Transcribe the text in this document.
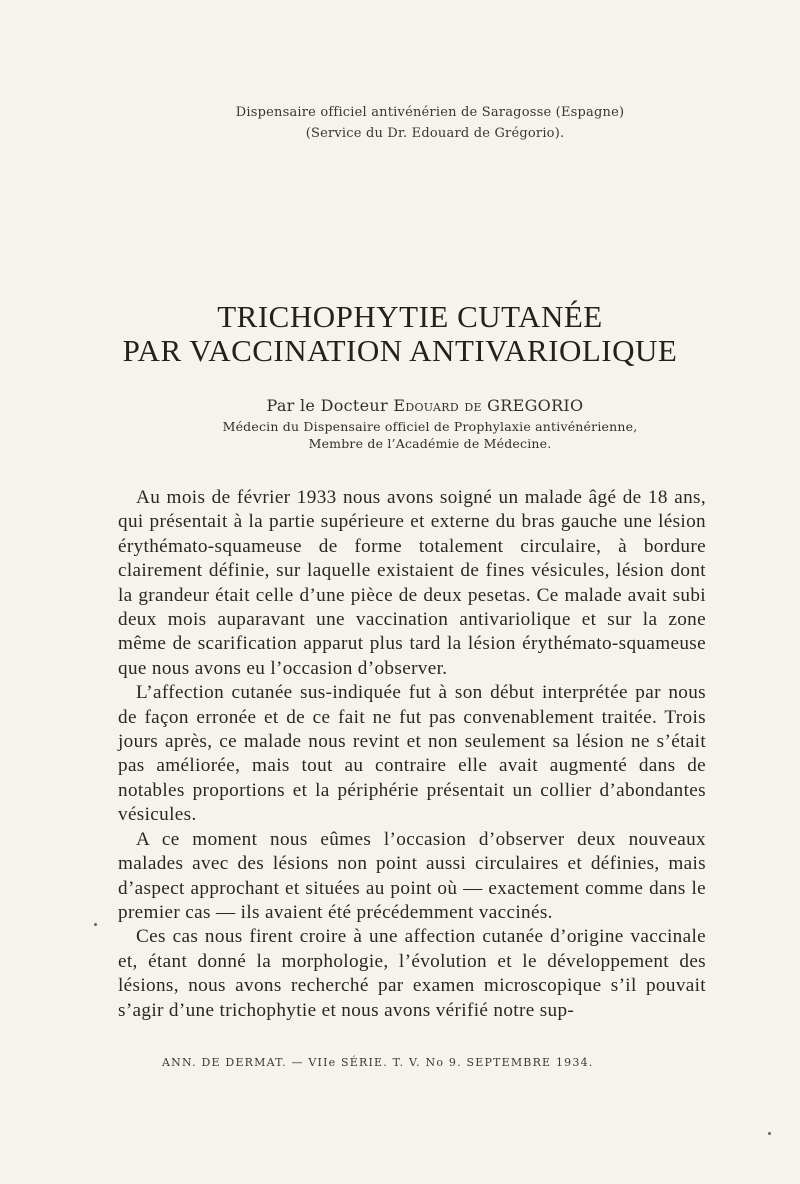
Dispensaire officiel antivénérien de Saragosse (Espagne)
(Service du Dr. Edouard de Grégorio).
TRICHOPHYTIE CUTANÉE
PAR VACCINATION ANTIVARIOLIQUE
Par le Docteur Edouard de GREGORIO
Médecin du Dispensaire officiel de Prophylaxie antivénérienne,
Membre de l’Académie de Médecine.

Au mois de février 1933 nous avons soigné un malade âgé de 18 ans, qui présentait à la partie supérieure et externe du bras gauche une lésion érythémato-squameuse de forme totalement circulaire, à bordure clairement définie, sur laquelle existaient de fines vésicules, lésion dont la grandeur était celle d’une pièce de deux pesetas. Ce malade avait subi deux mois auparavant une vaccination antivariolique et sur la zone même de scarification apparut plus tard la lésion érythémato-squameuse que nous avons eu l’occasion d’observer.

L’affection cutanée sus-indiquée fut à son début interprétée par nous de façon erronée et de ce fait ne fut pas convenablement traitée. Trois jours après, ce malade nous revint et non seulement sa lésion ne s’était pas améliorée, mais tout au contraire elle avait augmenté dans de notables proportions et la périphérie présentait un collier d’abondantes vésicules.

A ce moment nous eûmes l’occasion d’observer deux nouveaux malades avec des lésions non point aussi circulaires et définies, mais d’aspect approchant et situées au point où — exactement comme dans le premier cas — ils avaient été précédemment vaccinés.

Ces cas nous firent croire à une affection cutanée d’origine vaccinale et, étant donné la morphologie, l’évolution et le développement des lésions, nous avons recherché par examen microscopique s’il pouvait s’agir d’une trichophytie et nous avons vérifié notre sup-

ANN. DE DERMAT. — VIIe SÉRIE. T. V. No 9. SEPTEMBRE 1934.
